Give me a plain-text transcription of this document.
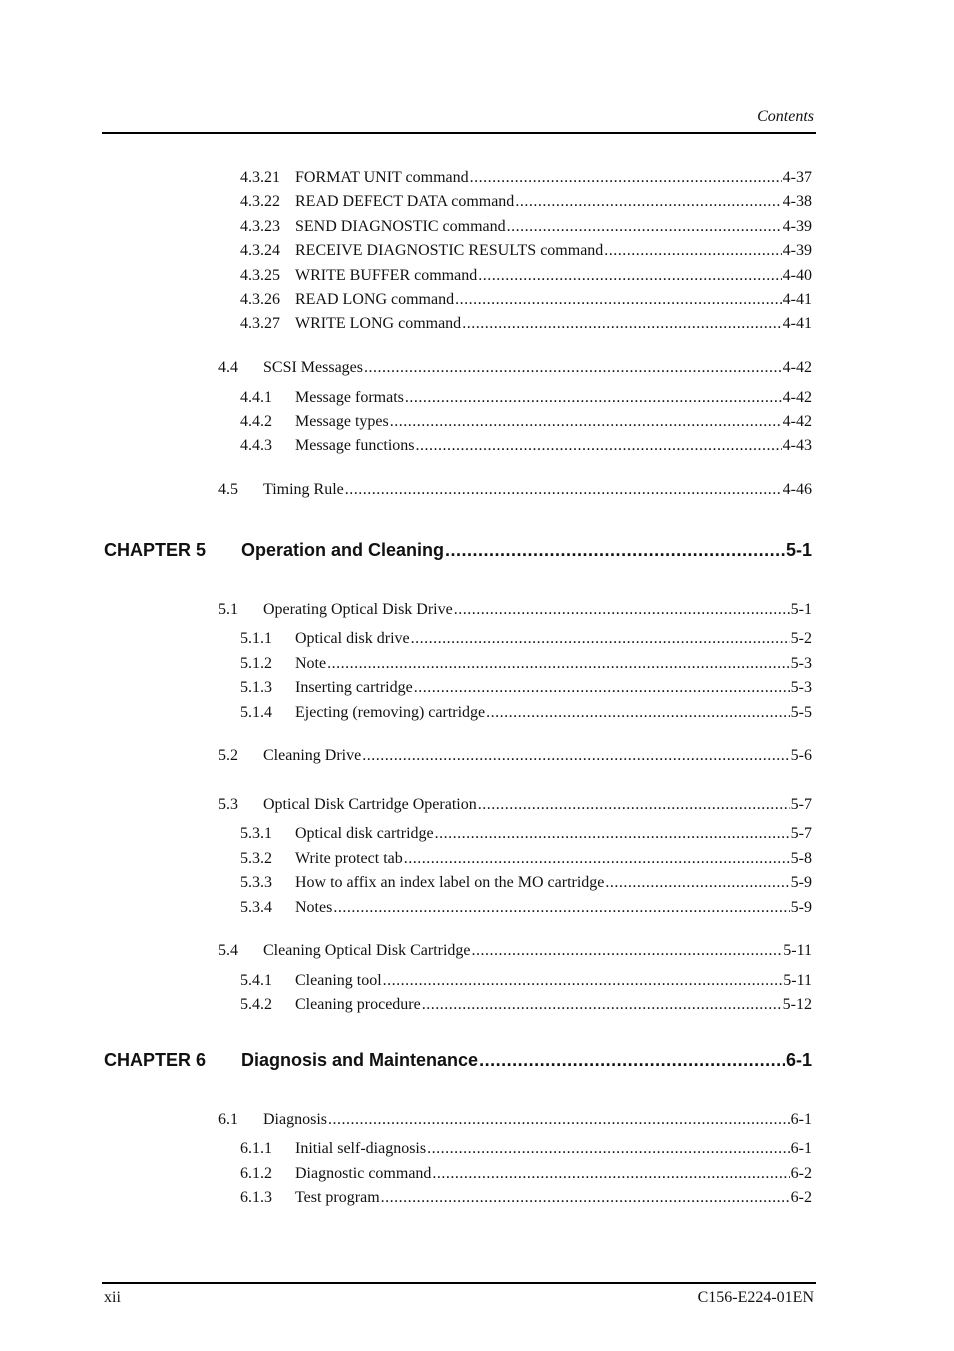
Contents
4.3.21 FORMAT UNIT command .....	4-37
4.3.22 READ DEFECT DATA command .....	4-38
4.3.23 SEND DIAGNOSTIC command .....	4-39
4.3.24 RECEIVE DIAGNOSTIC RESULTS command .....	4-39
4.3.25 WRITE BUFFER command .....	4-40
4.3.26 READ LONG command .....	4-41
4.3.27 WRITE LONG command .....	4-41
4.4	SCSI Messages .....	4-42
4.4.1	Message formats .....	4-42
4.4.2	Message types .....	4-42
4.4.3	Message functions .....	4-43
4.5	Timing Rule .....	4-46
CHAPTER 5	Operation and Cleaning .....	5-1
5.1	Operating Optical Disk Drive .....	5-1
5.1.1	Optical disk drive .....	5-2
5.1.2	Note .....	5-3
5.1.3	Inserting cartridge .....	5-3
5.1.4	Ejecting (removing) cartridge .....	5-5
5.2	Cleaning Drive .....	5-6
5.3	Optical Disk Cartridge Operation .....	5-7
5.3.1	Optical disk cartridge .....	5-7
5.3.2	Write protect tab .....	5-8
5.3.3	How to affix an index label on the MO cartridge .....	5-9
5.3.4	Notes .....	5-9
5.4	Cleaning Optical Disk Cartridge .....	5-11
5.4.1	Cleaning tool .....	5-11
5.4.2	Cleaning procedure .....	5-12
CHAPTER 6	Diagnosis and Maintenance .....	6-1
6.1	Diagnosis .....	6-1
6.1.1	Initial self-diagnosis .....	6-1
6.1.2	Diagnostic command .....	6-2
6.1.3	Test program .....	6-2
xii	C156-E224-01EN
